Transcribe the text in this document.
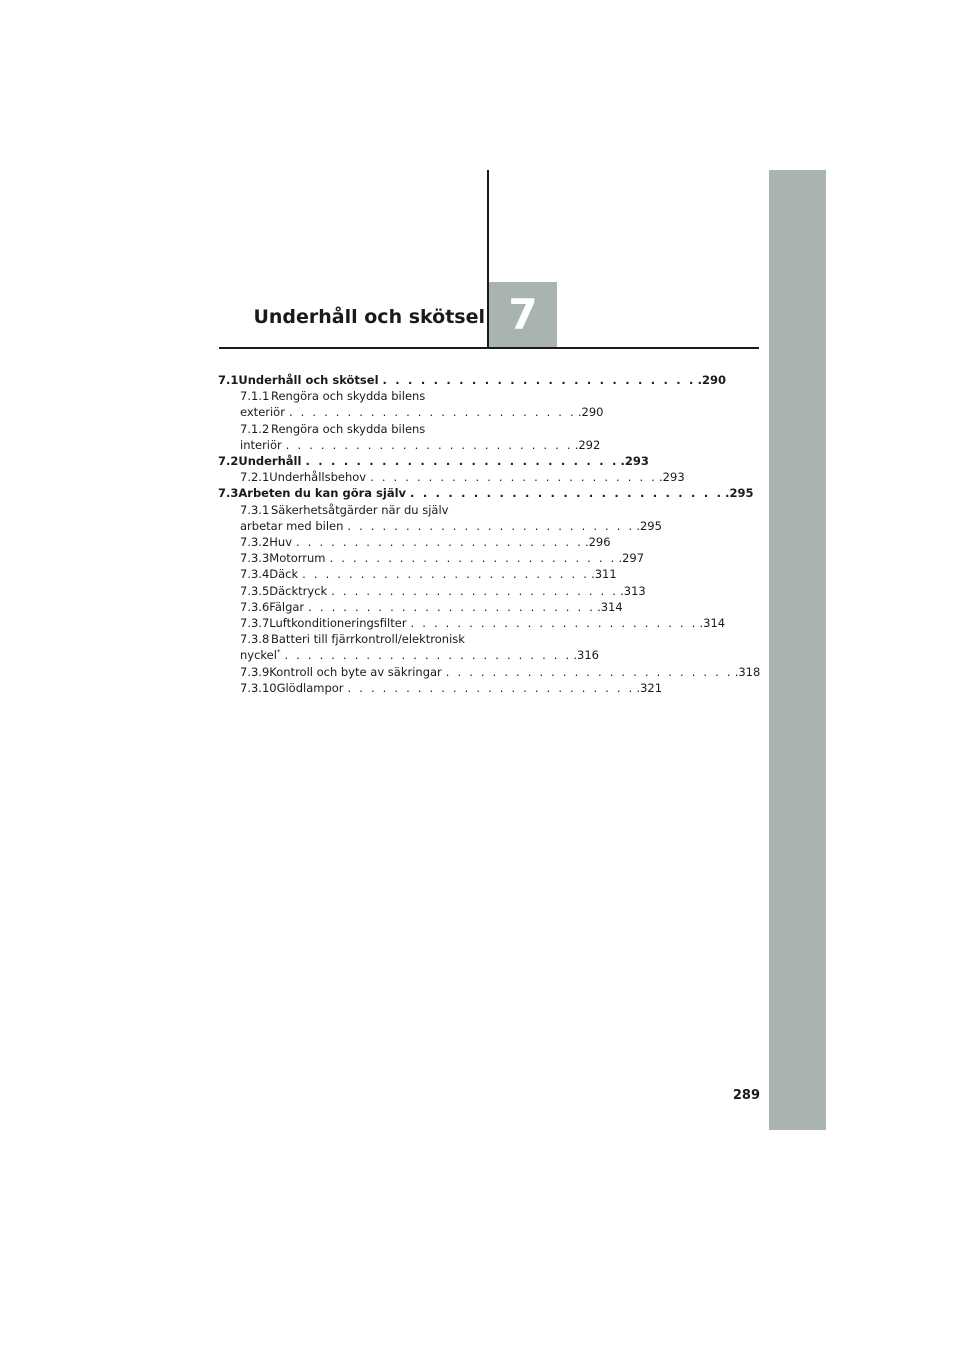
7
Underhåll och skötsel
7.1 Underhåll och skötsel . . . . . . . . . . . . . . . . . . . . . . . . . .290
7.1.1 Rengöra och skydda bilens
exteriör . . . . . . . . . . . . . . . . . . . . . . . . . .290
7.1.2 Rengöra och skydda bilens
interiör . . . . . . . . . . . . . . . . . . . . . . . . . .292
7.2 Underhåll . . . . . . . . . . . . . . . . . . . . . . . . . .293
7.2.1 Underhållsbehov . . . . . . . . . . . . . . . . . . . . . . . . . .293
7.3 Arbeten du kan göra själv . . . . . . . . . . . . . . . . . . . . . . . . . .295
7.3.1 Säkerhetsåtgärder när du själv
arbetar med bilen . . . . . . . . . . . . . . . . . . . . . . . . . .295
7.3.2 Huv . . . . . . . . . . . . . . . . . . . . . . . . . .296
7.3.3 Motorrum . . . . . . . . . . . . . . . . . . . . . . . . . .297
7.3.4 Däck . . . . . . . . . . . . . . . . . . . . . . . . . .311
7.3.5 Däcktryck . . . . . . . . . . . . . . . . . . . . . . . . . .313
7.3.6 Fälgar . . . . . . . . . . . . . . . . . . . . . . . . . .314
7.3.7 Luftkonditioneringsfilter . . . . . . . . . . . . . . . . . . . . . . . . . .314
7.3.8 Batteri till fjärrkontroll/elektronisk
nyckel* . . . . . . . . . . . . . . . . . . . . . . . . . .316
7.3.9 Kontroll och byte av säkringar . . . . . . . . . . . . . . . . . . . . . . . . . .318
7.3.10 Glödlampor . . . . . . . . . . . . . . . . . . . . . . . . . .321
289
